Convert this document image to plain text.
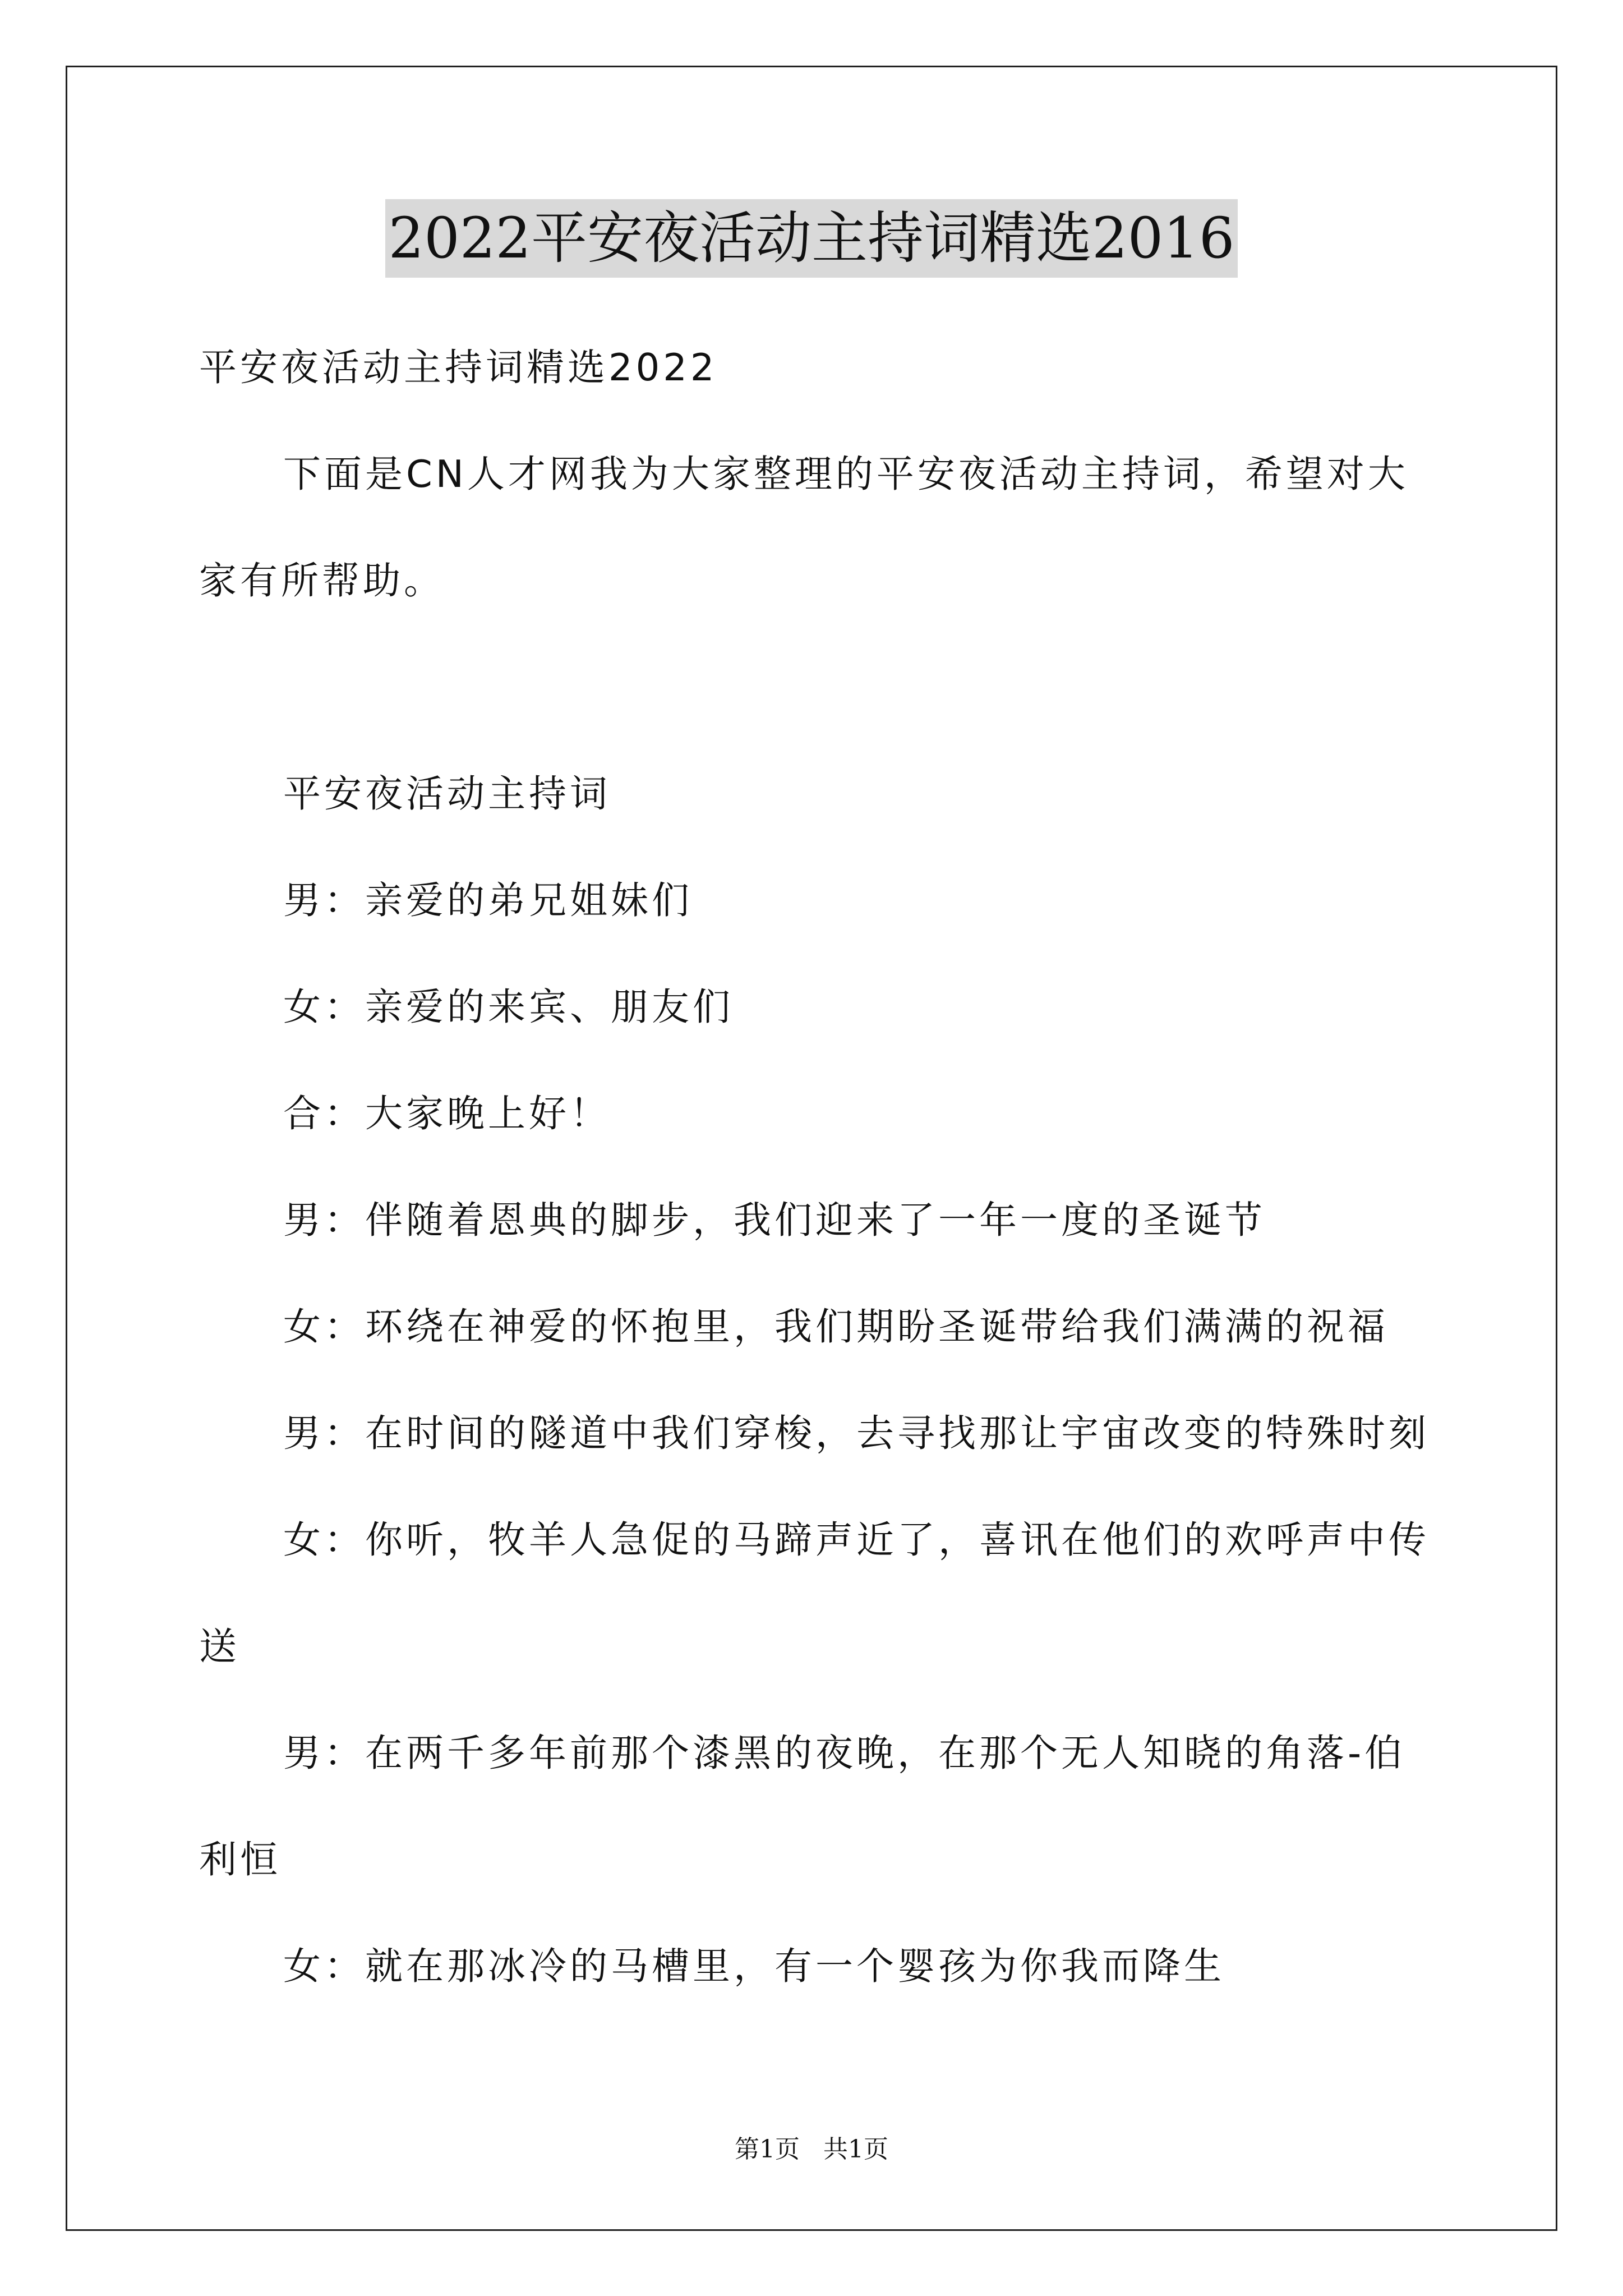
2022平安夜活动主持词精选2016

平安夜活动主持词精选2022

下面是CN人才网我为大家整理的平安夜活动主持词，希望对大家有所帮助。

平安夜活动主持词

男：亲爱的弟兄姐妹们

女：亲爱的来宾、朋友们

合：大家晚上好！

男：伴随着恩典的脚步，我们迎来了一年一度的圣诞节

女：环绕在神爱的怀抱里，我们期盼圣诞带给我们满满的祝福

男：在时间的隧道中我们穿梭，去寻找那让宇宙改变的特殊时刻

女：你听，牧羊人急促的马蹄声近了，喜讯在他们的欢呼声中传送

男：在两千多年前那个漆黑的夜晚，在那个无人知晓的角落-伯利恒

女：就在那冰冷的马槽里，有一个婴孩为你我而降生

第1页 共1页
